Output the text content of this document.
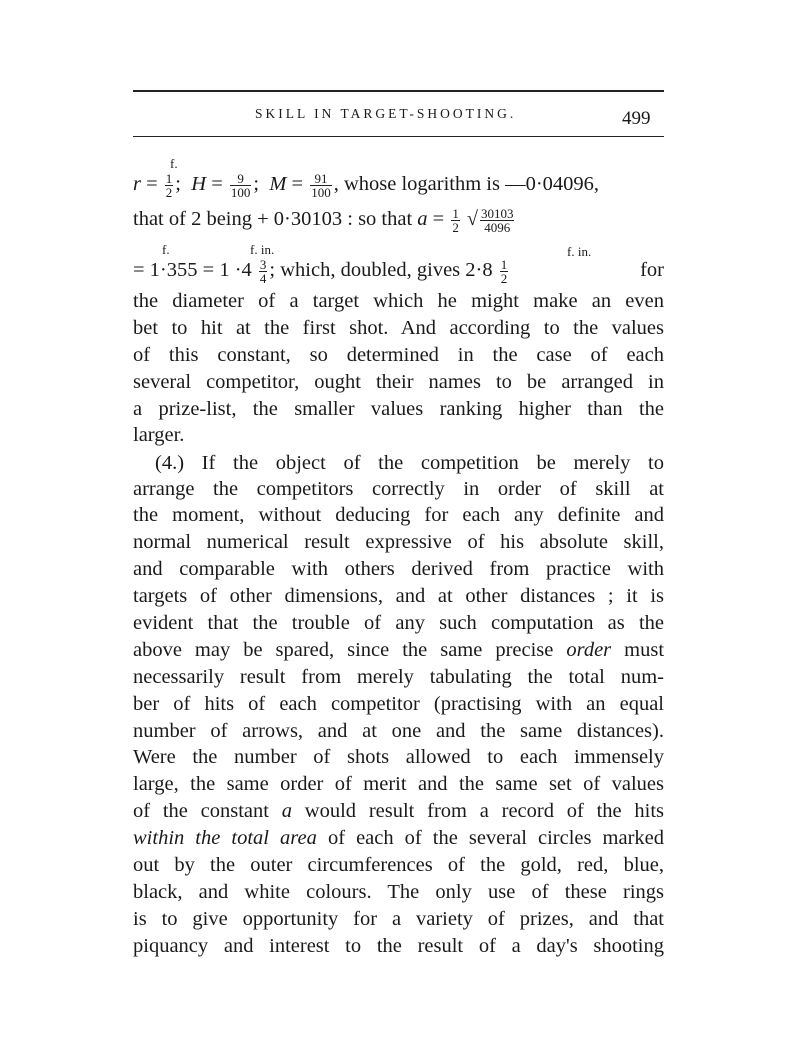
SKILL IN TARGET-SHOOTING.	499
f.
$r = \frac{1}{2}$ ; $H = \frac{9}{100}$ ; $M = \frac{91}{100}$ , whose logarithm is —0·04096,
that of 2 being + 0·30103 : so that $a = \frac{1}{2}$ √ $\frac{30103}{4096}$
f.	f. in.	f. in.
= $1\cdot 355 = 1 \cdot 4 \frac{3}{4}$ ; which, doubled, gives $2\cdot 8 \frac{1}{2}$	for
the diameter of a target which he might make an even
bet to hit at the first shot. And according to the values
of this constant, so determined in the case of each
several competitor, ought their names to be arranged in
a prize-list, the smaller values ranking higher than the
larger.
(4.) If the object of the competition be merely to
arrange the competitors correctly in order of skill at
the moment, without deducing for each any definite and
normal numerical result expressive of his absolute skill,
and comparable with others derived from practice with
targets of other dimensions, and at other distances ; it is
evident that the trouble of any such computation as the
above may be spared, since the same precise order must
necessarily result from merely tabulating the total num-
ber of hits of each competitor (practising with an equal
number of arrows, and at one and the same distances).
Were the number of shots allowed to each immensely
large, the same order of merit and the same set of values
of the constant a would result from a record of the hits
within the total area of each of the several circles marked
out by the outer circumferences of the gold, red, blue,
black, and white colours. The only use of these rings
is to give opportunity for a variety of prizes, and that
piquancy and interest to the result of a day's shooting
